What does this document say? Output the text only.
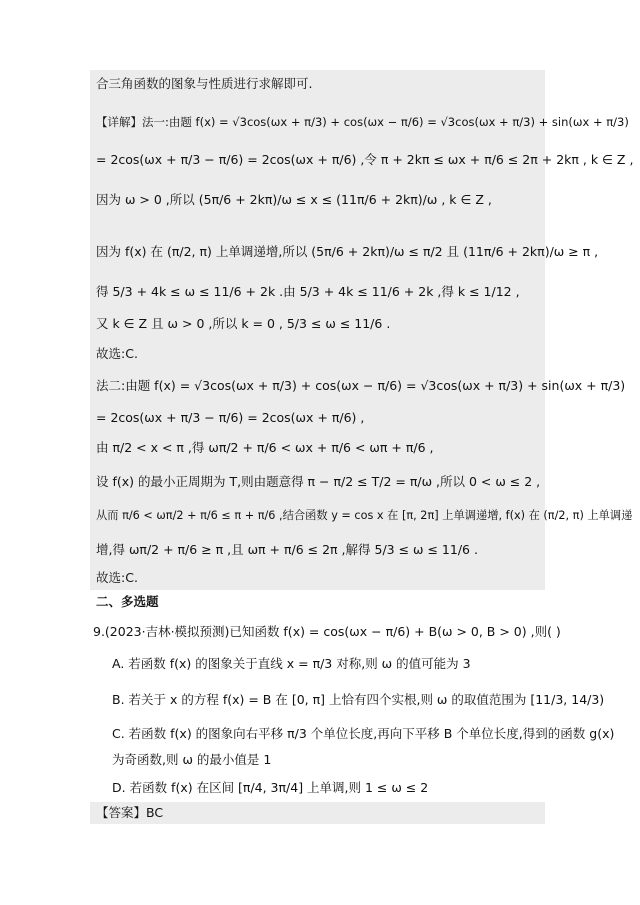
合三角函数的图象与性质进行求解即可.
【详解】法一:由题 f(x) = √3cos(ωx + π/3) + cos(ωx − π/6) = √3cos(ωx + π/3) + sin(ωx + π/3)
= 2cos(ωx + π/3 − π/6) = 2cos(ωx + π/6) ,令 π + 2kπ ≤ ωx + π/6 ≤ 2π + 2kπ , k ∈ Z ,
因为 ω > 0 ,所以 (5π/6 + 2kπ)/ω ≤ x ≤ (11π/6 + 2kπ)/ω , k ∈ Z ,
因为 f(x) 在 (π/2, π) 上单调递增,所以 (5π/6 + 2kπ)/ω ≤ π/2 且 (11π/6 + 2kπ)/ω ≥ π ,
得 5/3 + 4k ≤ ω ≤ 11/6 + 2k .由 5/3 + 4k ≤ 11/6 + 2k ,得 k ≤ 1/12 ,
又 k ∈ Z 且 ω > 0 ,所以 k = 0 , 5/3 ≤ ω ≤ 11/6 .
故选:C.
法二:由题 f(x) = √3cos(ωx + π/3) + cos(ωx − π/6) = √3cos(ωx + π/3) + sin(ωx + π/3)
= 2cos(ωx + π/3 − π/6) = 2cos(ωx + π/6) ,
由 π/2 < x < π ,得 ωπ/2 + π/6 < ωx + π/6 < ωπ + π/6 ,
设 f(x) 的最小正周期为 T,则由题意得 π − π/2 ≤ T/2 = π/ω ,所以 0 < ω ≤ 2 ,
从而 π/6 < ωπ/2 + π/6 ≤ π + π/6 ,结合函数 y = cos x 在 [π, 2π] 上单调递增, f(x) 在 (π/2, π) 上单调递
增,得 ωπ/2 + π/6 ≥ π ,且 ωπ + π/6 ≤ 2π ,解得 5/3 ≤ ω ≤ 11/6 .
故选:C.
二、多选题
9.(2023·吉林·模拟预测)已知函数 f(x) = cos(ωx − π/6) + B(ω > 0, B > 0) ,则( )
A. 若函数 f(x) 的图象关于直线 x = π/3 对称,则 ω 的值可能为 3
B. 若关于 x 的方程 f(x) = B 在 [0, π] 上恰有四个实根,则 ω 的取值范围为 [11/3, 14/3)
C. 若函数 f(x) 的图象向右平移 π/3 个单位长度,再向下平移 B 个单位长度,得到的函数 g(x)
为奇函数,则 ω 的最小值是 1
D. 若函数 f(x) 在区间 [π/4, 3π/4] 上单调,则 1 ≤ ω ≤ 2
【答案】BC
